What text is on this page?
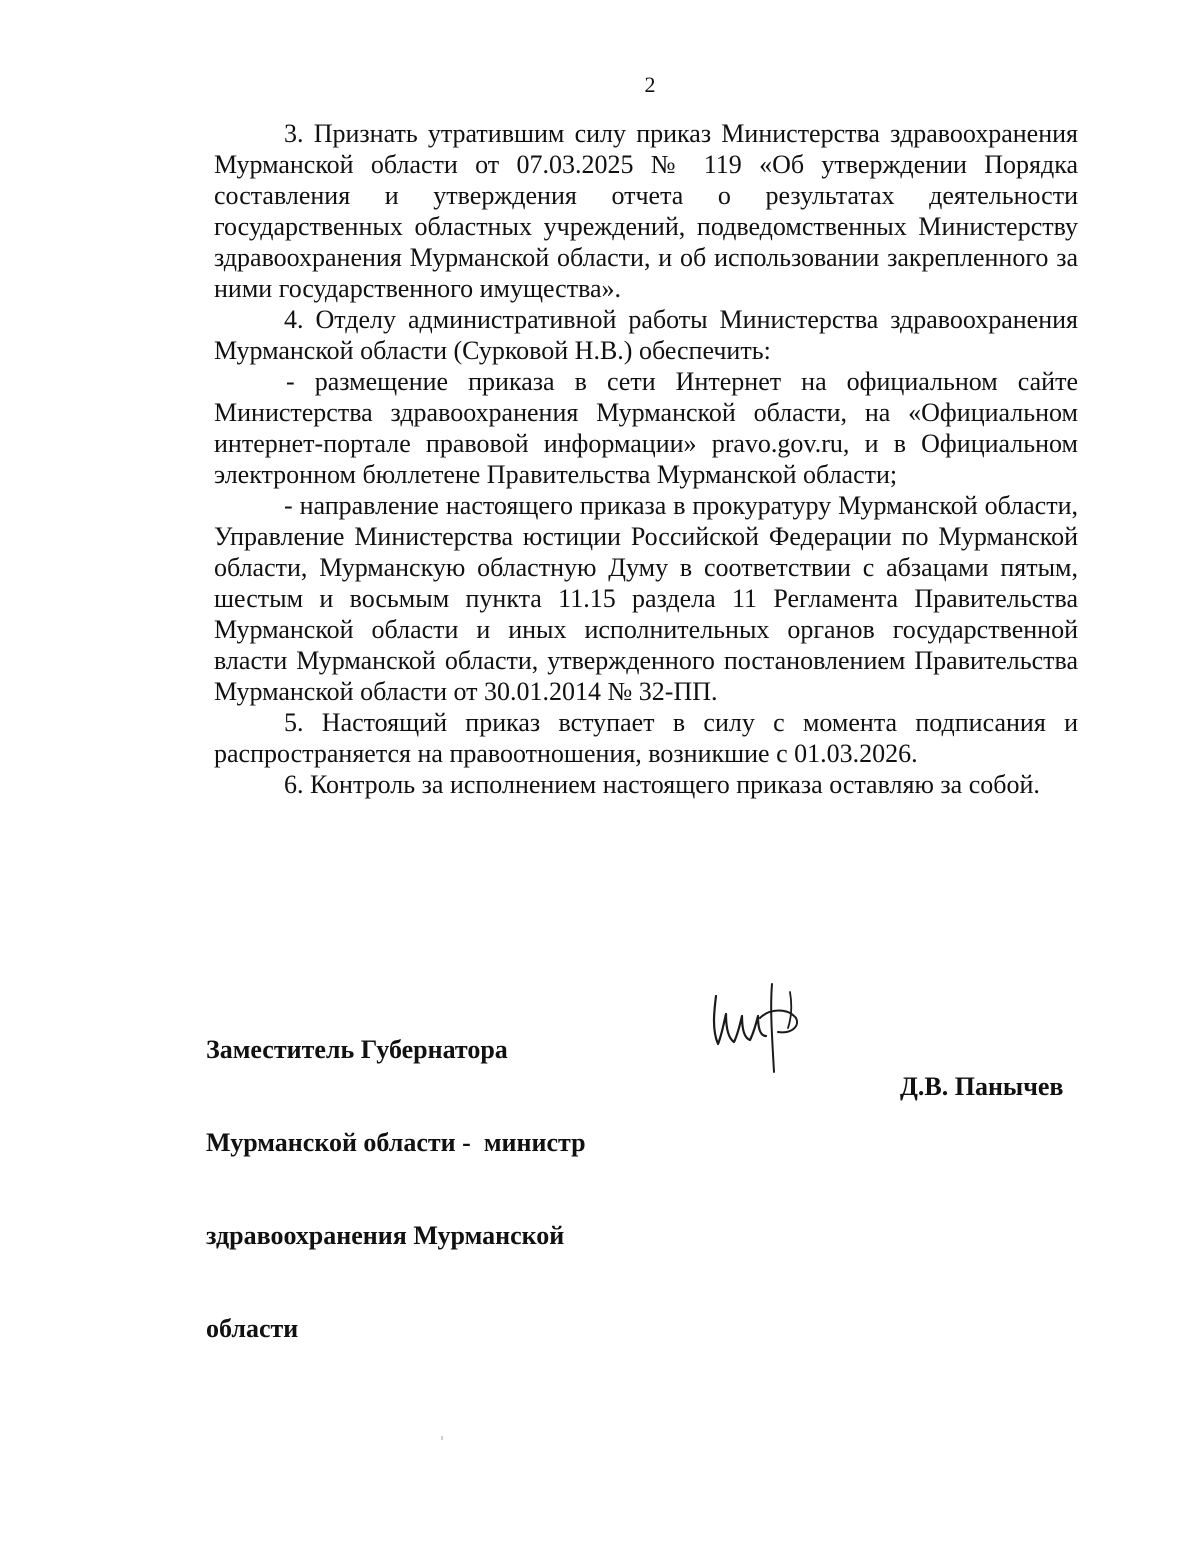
2

3. Признать утратившим силу приказ Министерства здравоохранения Мурманской области от 07.03.2025 № 119 «Об утверждении Порядка составления и утверждения отчета о результатах деятельности государственных областных учреждений, подведомственных Министерству здравоохранения Мурманской области, и об использовании закрепленного за ними государственного имущества».

4. Отделу административной работы Министерства здравоохранения Мурманской области (Сурковой Н.В.) обеспечить:

- размещение приказа в сети Интернет на официальном сайте Министерства здравоохранения Мурманской области, на «Официальном интернет-портале правовой информации» pravo.gov.ru, и в Официальном электронном бюллетене Правительства Мурманской области;

- направление настоящего приказа в прокуратуру Мурманской области, Управление Министерства юстиции Российской Федерации по Мурманской области, Мурманскую областную Думу в соответствии с абзацами пятым, шестым и восьмым пункта 11.15 раздела 11 Регламента Правительства Мурманской области и иных исполнительных органов государственной власти Мурманской области, утвержденного постановлением Правительства Мурманской области от 30.01.2014 № 32-ПП.

5. Настоящий приказ вступает в силу с момента подписания и распространяется на правоотношения, возникшие с 01.03.2026.

6. Контроль за исполнением настоящего приказа оставляю за собой.

Заместитель Губернатора

Мурманской области -  министр

здравоохранения Мурманской

области

Д.В. Панычев
